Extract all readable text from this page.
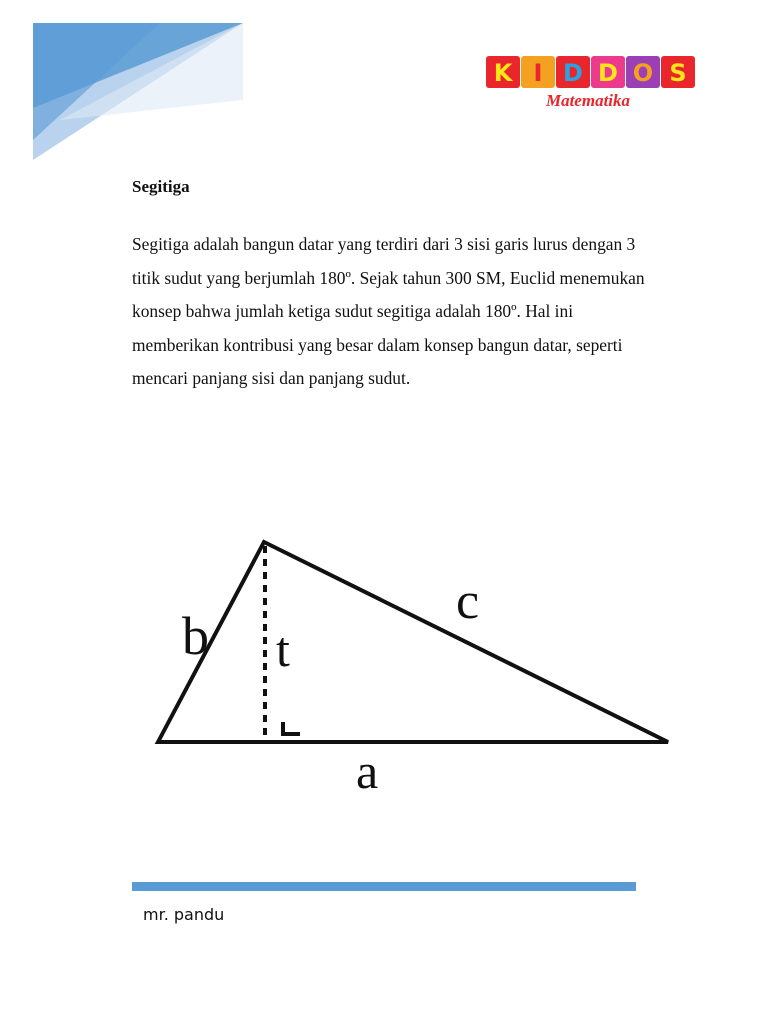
K I D D O S
Matematika
Segitiga

Segitiga adalah bangun datar yang terdiri dari 3 sisi garis lurus dengan 3 titik sudut yang berjumlah 180º. Sejak tahun 300 SM, Euclid menemukan konsep bahwa jumlah ketiga sudut segitiga adalah 180º. Hal ini memberikan kontribusi yang besar dalam konsep bangun datar, seperti mencari panjang sisi dan panjang sudut.

b t
c
a
mr. pandu
